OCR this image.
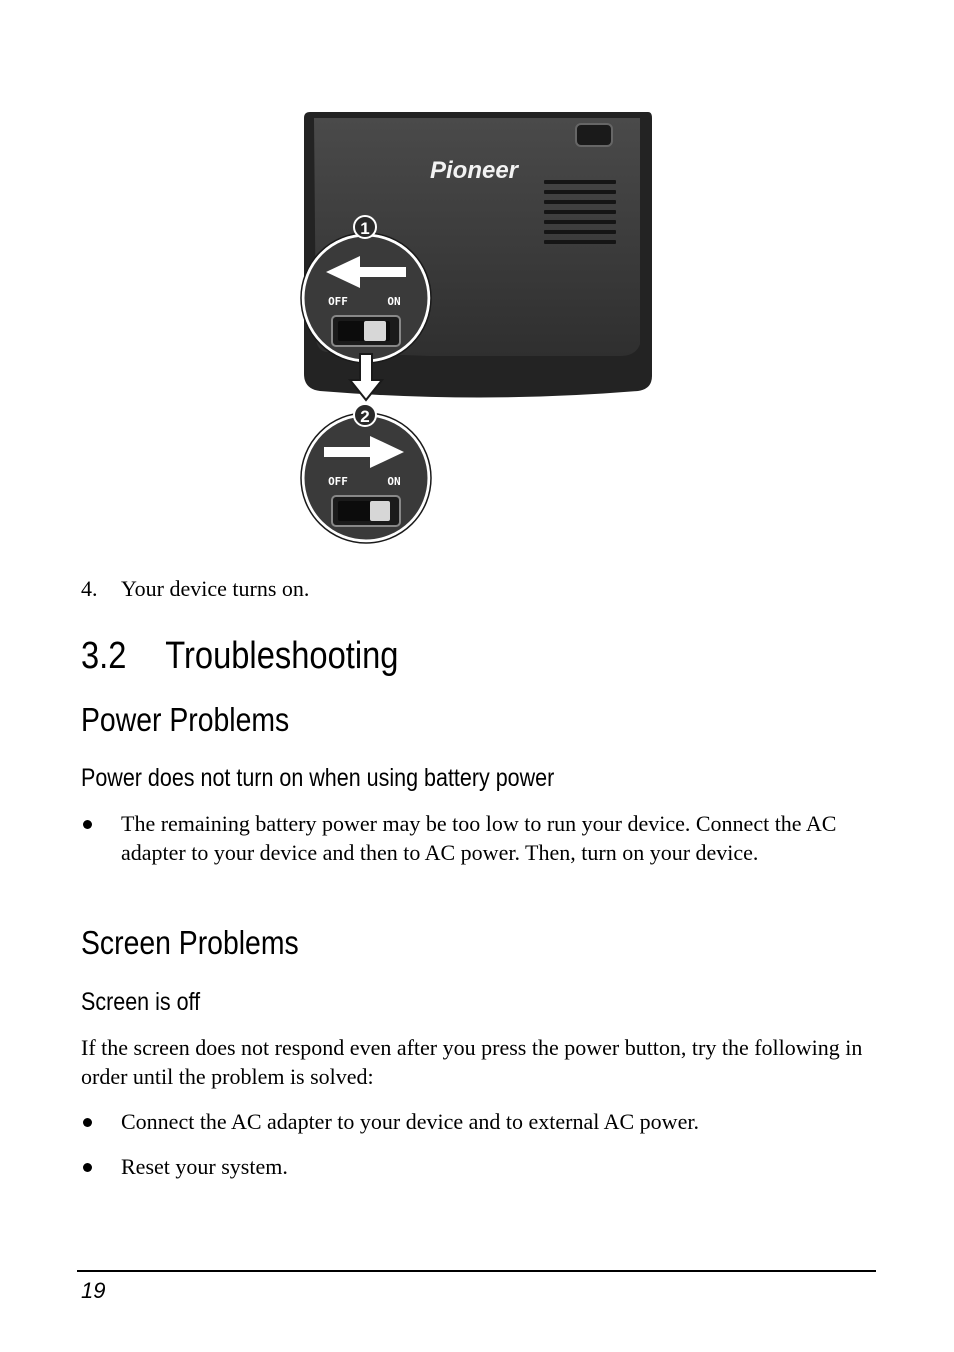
Pioneer
OFF	ON
1
OFF	ON
2
4. Your device turns on.
3.2 Troubleshooting
Power Problems
Power does not turn on when using battery power
The remaining battery power may be too low to run your device. Connect the AC adapter to your device and then to AC power. Then, turn on your device.
Screen Problems
Screen is off
If the screen does not respond even after you press the power button, try the following in order until the problem is solved:
Connect the AC adapter to your device and to external AC power.
Reset your system.
19
